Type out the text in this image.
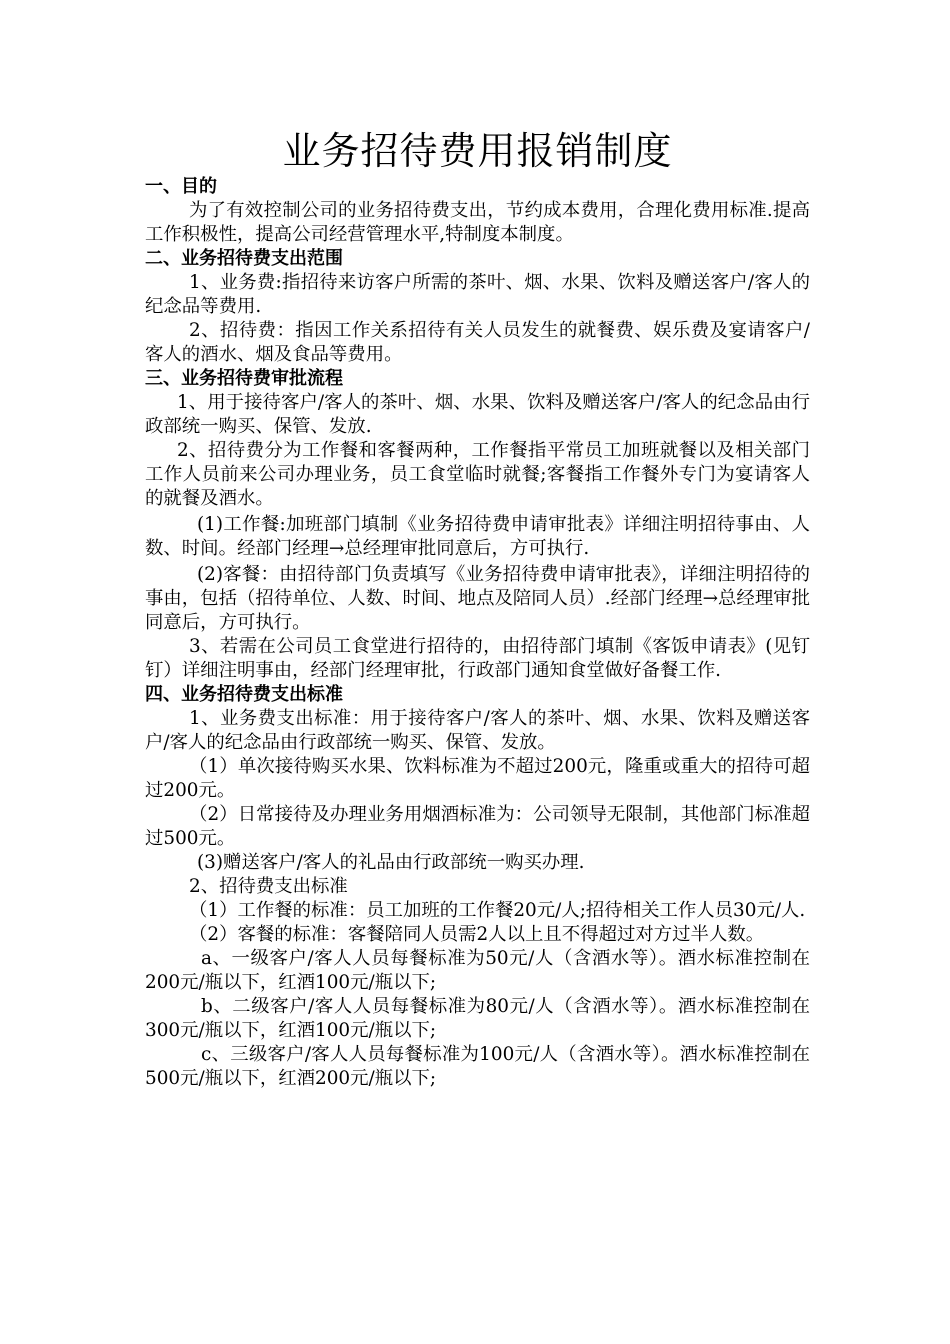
业务招待费用报销制度
一、目的

为了有效控制公司的业务招待费支出，节约成本费用，合理化费用标准.提高工作积极性，提高公司经营管理水平,特制度本制度。

二、业务招待费支出范围

1、业务费:指招待来访客户所需的茶叶、烟、水果、饮料及赠送客户/客人的纪念品等费用.

2、招待费：指因工作关系招待有关人员发生的就餐费、娱乐费及宴请客户/客人的酒水、烟及食品等费用。

三、业务招待费审批流程

1、用于接待客户/客人的茶叶、烟、水果、饮料及赠送客户/客人的纪念品由行政部统一购买、保管、发放.

2、招待费分为工作餐和客餐两种，工作餐指平常员工加班就餐以及相关部门工作人员前来公司办理业务，员工食堂临时就餐;客餐指工作餐外专门为宴请客人的就餐及酒水。

(1)工作餐:加班部门填制《业务招待费申请审批表》详细注明招待事由、人数、时间。经部门经理→总经理审批同意后，方可执行.

(2)客餐：由招待部门负责填写《业务招待费申请审批表》，详细注明招待的事由，包括（招待单位、人数、时间、地点及陪同人员）.经部门经理→总经理审批同意后，方可执行。

3、若需在公司员工食堂进行招待的，由招待部门填制《客饭申请表》(见钉钉）详细注明事由，经部门经理审批，行政部门通知食堂做好备餐工作.

四、业务招待费支出标准

1、业务费支出标准：用于接待客户/客人的茶叶、烟、水果、饮料及赠送客户/客人的纪念品由行政部统一购买、保管、发放。

（1）单次接待购买水果、饮料标准为不超过200元，隆重或重大的招待可超过200元。

（2）日常接待及办理业务用烟酒标准为：公司领导无限制，其他部门标准超过500元。

(3)赠送客户/客人的礼品由行政部统一购买办理.

2、招待费支出标准

（1）工作餐的标准：员工加班的工作餐20元/人;招待相关工作人员30元/人.

（2）客餐的标准：客餐陪同人员需2人以上且不得超过对方过半人数。

a、一级客户/客人人员每餐标准为50元/人（含酒水等）。酒水标准控制在200元/瓶以下，红酒100元/瓶以下;

b、二级客户/客人人员每餐标准为80元/人（含酒水等）。酒水标准控制在300元/瓶以下，红酒100元/瓶以下;

c、三级客户/客人人员每餐标准为100元/人（含酒水等）。酒水标准控制在500元/瓶以下，红酒200元/瓶以下;
